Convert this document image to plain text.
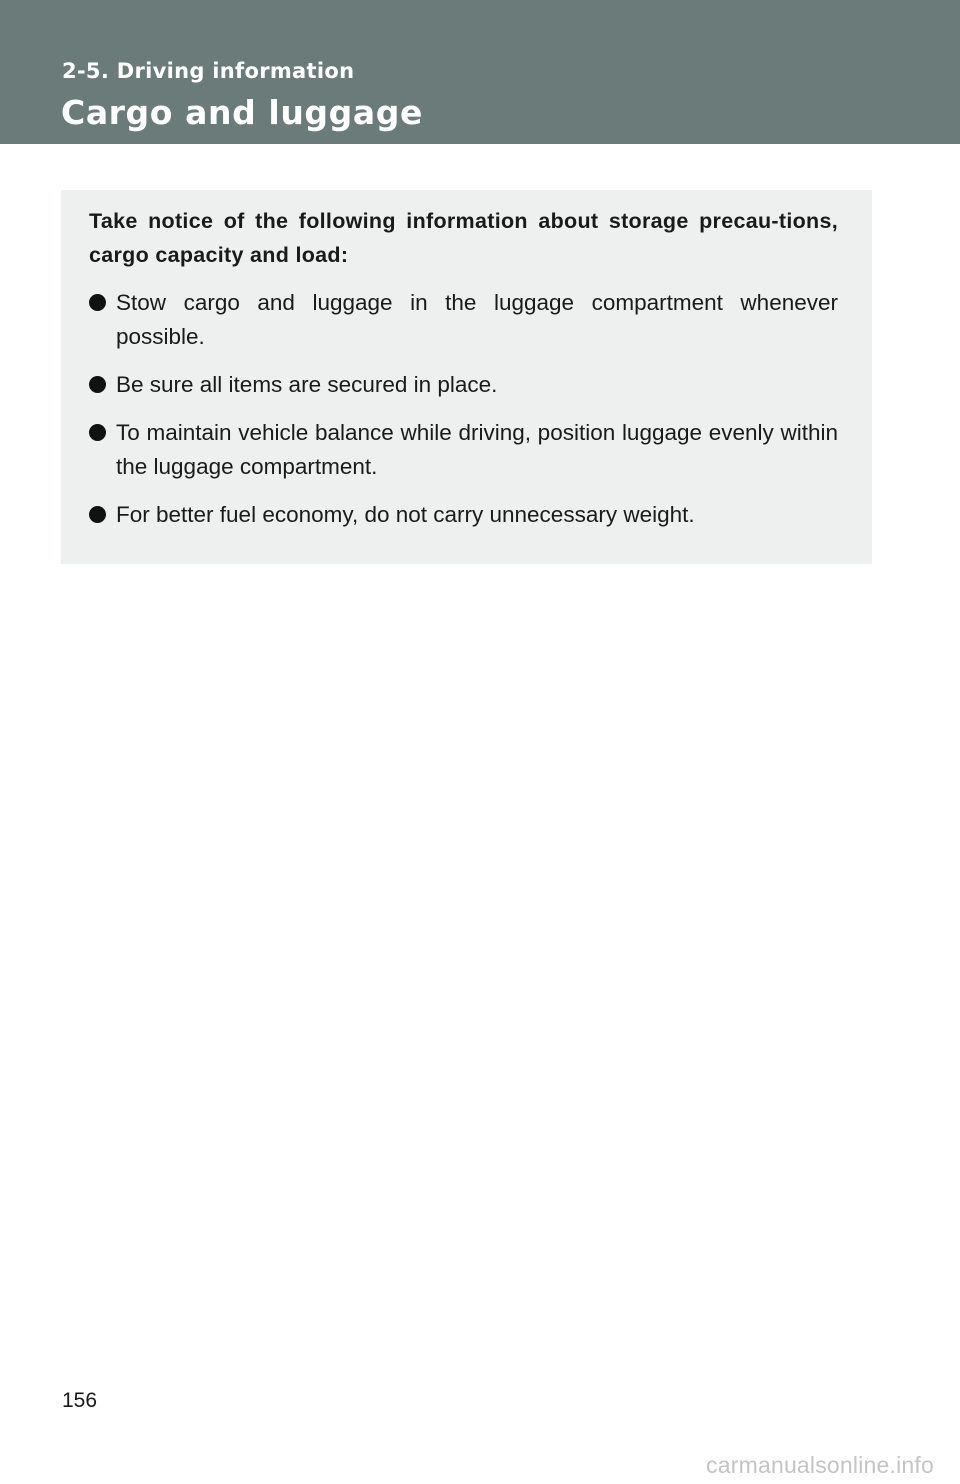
2-5. Driving information
Cargo and luggage

Take notice of the following information about storage precau-tions, cargo capacity and load:

Stow cargo and luggage in the luggage compartment whenever possible.
Be sure all items are secured in place.
To maintain vehicle balance while driving, position luggage evenly within the luggage compartment.
For better fuel economy, do not carry unnecessary weight.
156
carmanualsonline.info
